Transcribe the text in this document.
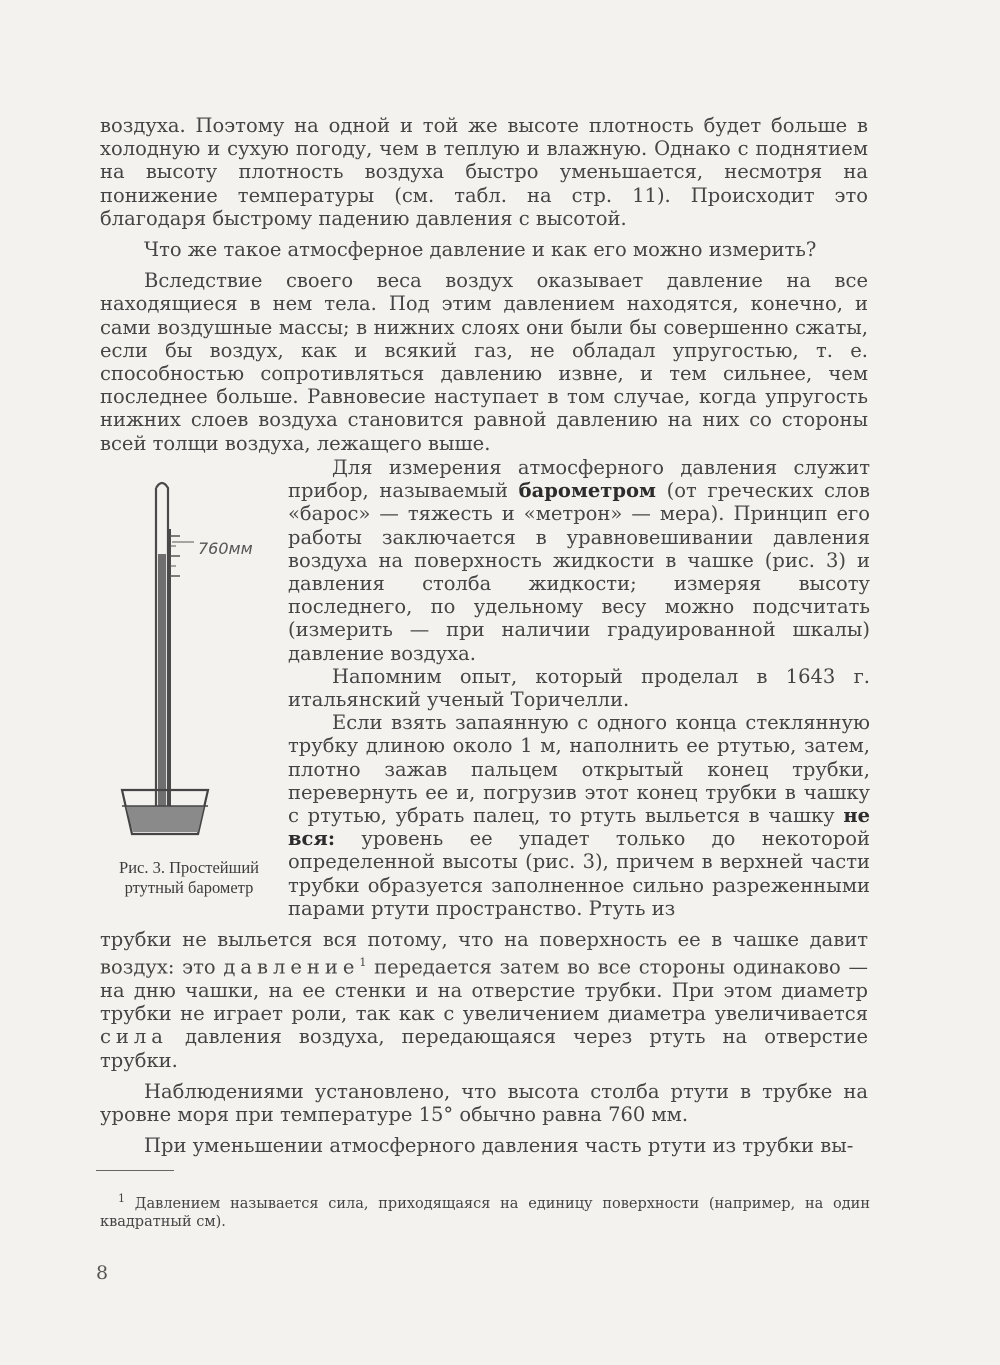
воздуха. Поэтому на одной и той же высоте плотность будет больше в холодную и сухую погоду, чем в теплую и влажную. Однако с поднятием на высоту плотность воздуха быстро уменьшается, несмотря на понижение температуры (см. табл. на стр. 11). Происходит это благодаря быстрому падению давления с высотой.

Что же такое атмосферное давление и как его можно измерить?

Вследствие своего веса воздух оказывает давление на все находящиеся в нем тела. Под этим давлением находятся, конечно, и сами воздушные массы; в нижних слоях они были бы совершенно сжаты, если бы воздух, как и всякий газ, не обладал упругостью, т. е. способностью сопротивляться давлению извне, и тем сильнее, чем последнее больше. Равновесие наступает в том случае, когда упругость нижних слоев воздуха становится равной давлению на них со стороны всей толщи воздуха, лежащего выше.

760мм
Рис. 3. Простейший
ртутный барометр

Для измерения атмосферного давления служит прибор, называемый барометром (от греческих слов «барос» — тяжесть и «метрон» — мера). Принцип его работы заключается в уравновешивании давления воздуха на поверхность жидкости в чашке (рис. 3) и давления столба жидкости; измеряя высоту последнего, по удельному весу можно подсчитать (измерить — при наличии градуированной шкалы) давление воздуха.

Напомним опыт, который проделал в 1643 г. итальянский ученый Торичелли.

Если взять запаянную с одного конца стеклянную трубку длиною около 1 м, наполнить ее ртутью, затем, плотно зажав пальцем открытый конец трубки, перевернуть ее и, погрузив этот конец трубки в чашку с ртутью, убрать палец, то ртуть выльется в чашку не вся: уровень ее упадет только до некоторой определенной высоты (рис. 3), причем в верхней части трубки образуется заполненное сильно разреженными парами ртути пространство. Ртуть из

трубки не выльется вся потому, что на поверхность ее в чашке давит воздух: это давление$^1$ передается затем во все стороны одинаково — на дню чашки, на ее стенки и на отверстие трубки. При этом диаметр трубки не играет роли, так как с увеличением диаметра увеличивается сила давления воздуха, передающаяся через ртуть на отверстие трубки.

Наблюдениями установлено, что высота столба ртути в трубке на уровне моря при температуре 15° обычно равна 760 мм.

При уменьшении атмосферного давления часть ртути из трубки вы-

$^1$ Давлением называется сила, приходящаяся на единицу поверхности (например, на один квадратный см).
8
